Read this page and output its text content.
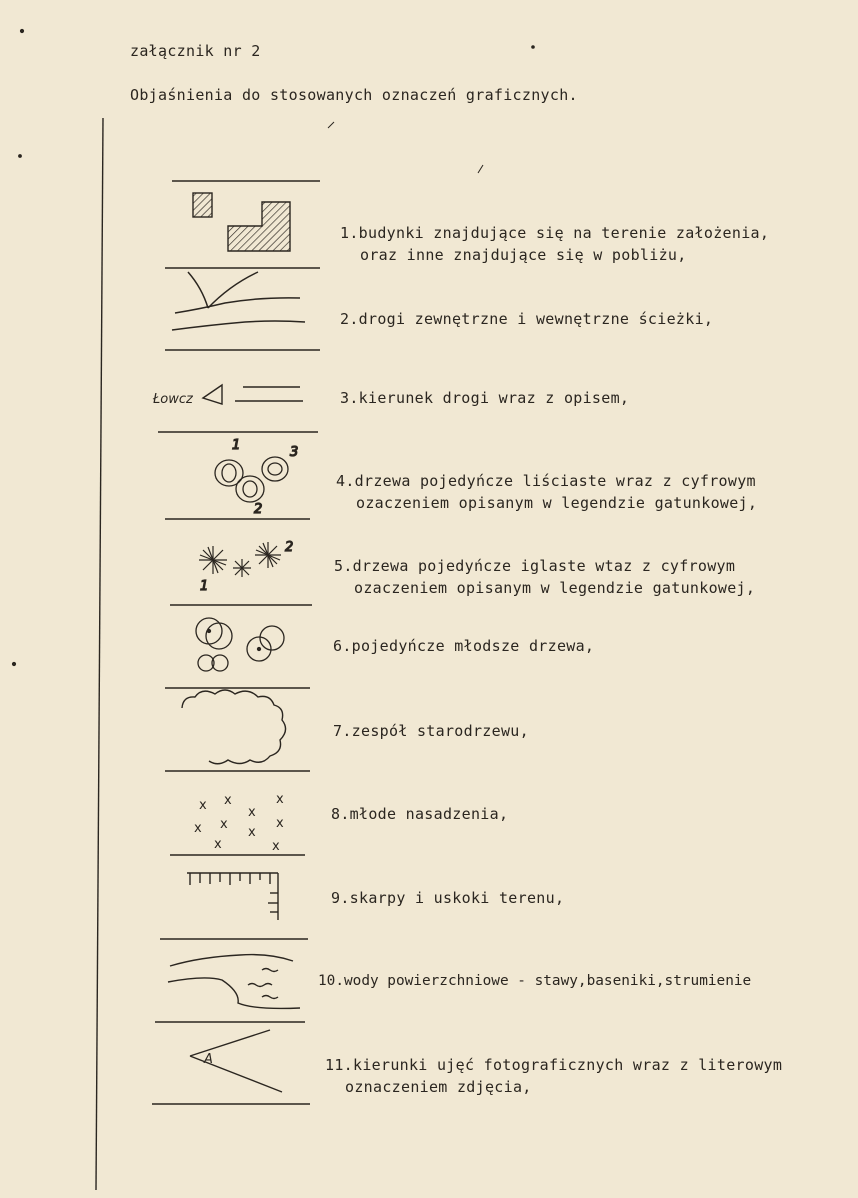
załącznik nr 2
Objaśnienia do stosowanych oznaczeń graficznych.
Łowcz
1	3
2
2
1
x x	x
x
x x	x
x
x	x
A
1.budynki znajdujące się na terenie założenia,
oraz inne znajdujące się w pobliżu,
2.drogi zewnętrzne i wewnętrzne ścieżki,
3.kierunek drogi wraz z opisem,
4.drzewa pojedyńcze liściaste wraz z cyfrowym
ozaczeniem opisanym w legendzie gatunkowej,
5.drzewa pojedyńcze iglaste wtaz z cyfrowym
ozaczeniem opisanym w legendzie gatunkowej,
6.pojedyńcze młodsze drzewa,
7.zespół starodrzewu,
8.młode nasadzenia,
9.skarpy i uskoki terenu,
10.wody powierzchniowe - stawy,baseniki,strumienie
11.kierunki ujęć fotograficznych wraz z literowym
oznaczeniem zdjęcia,
